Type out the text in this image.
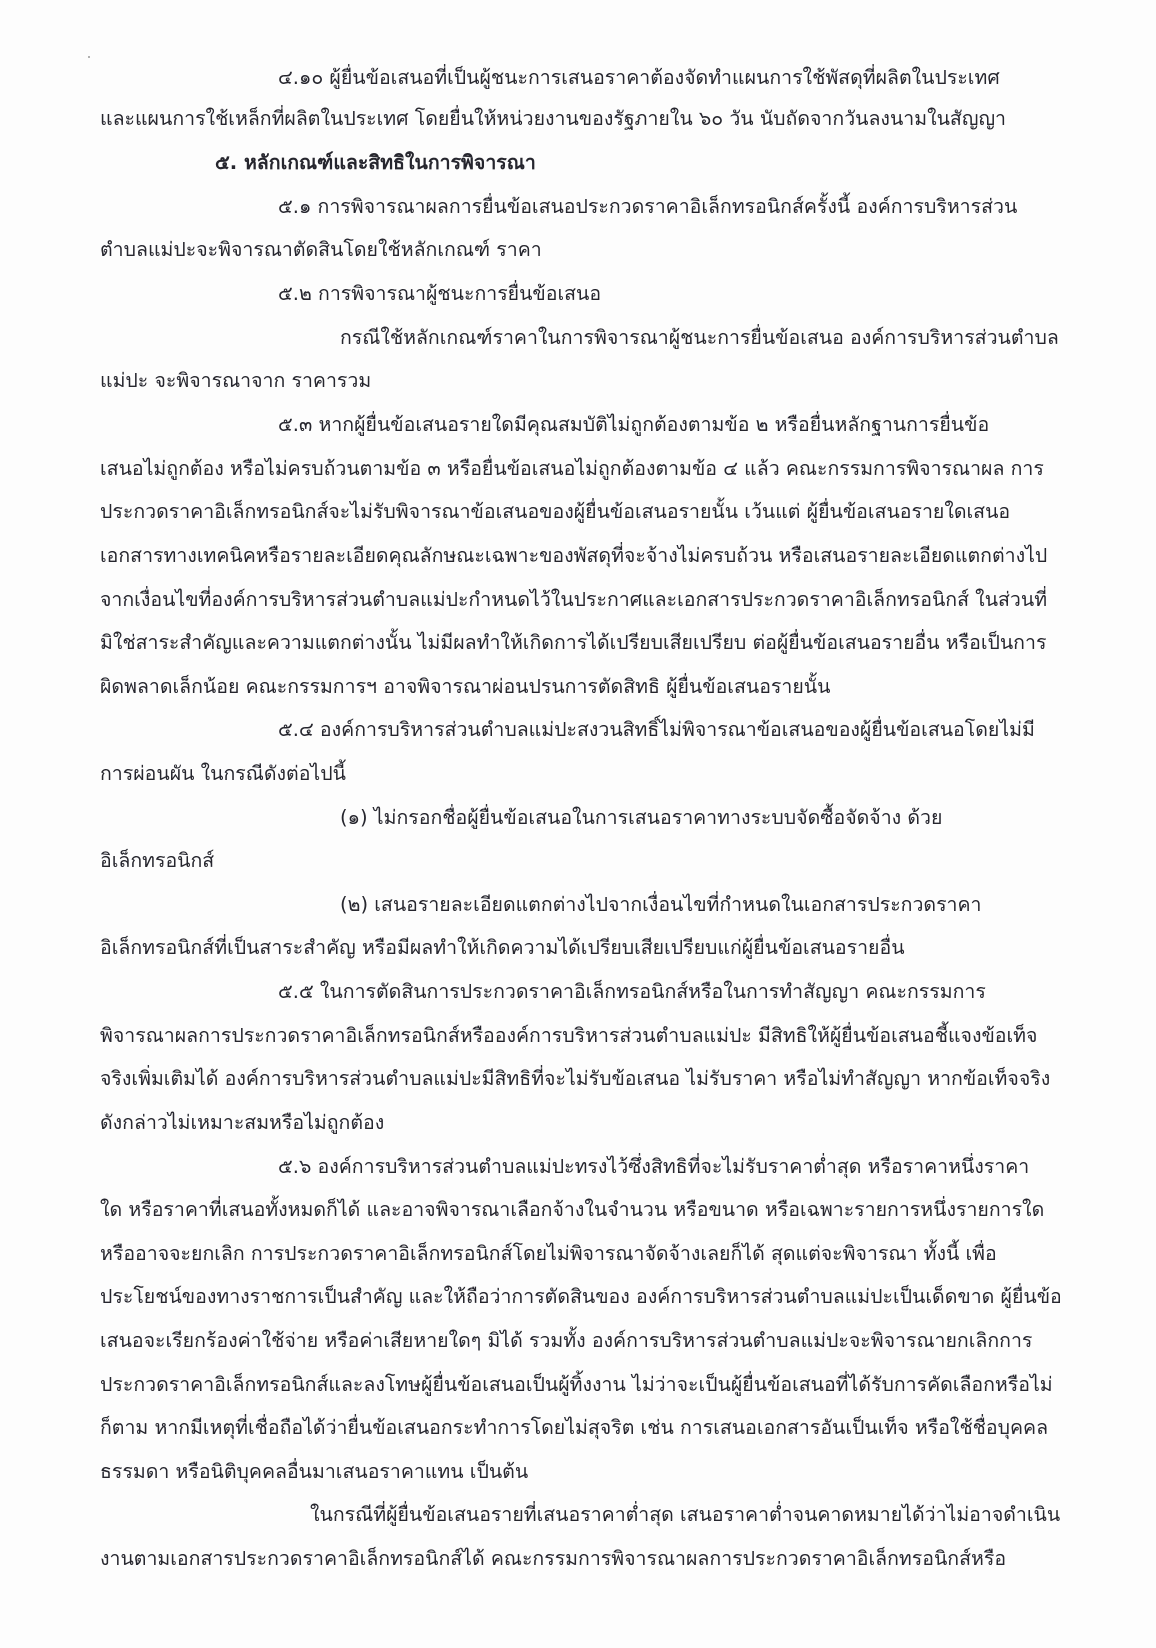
๔.๑๐ ผู้ยื่นข้อเสนอที่เป็นผู้ชนะการเสนอราคาต้องจัดทำแผนการใช้พัสดุที่ผลิตในประเทศ
และแผนการใช้เหล็กที่ผลิตในประเทศ โดยยื่นให้หน่วยงานของรัฐภายใน ๖๐ วัน นับถัดจากวันลงนามในสัญญา
๕. หลักเกณฑ์และสิทธิในการพิจารณา
๕.๑ การพิจารณาผลการยื่นข้อเสนอประกวดราคาอิเล็กทรอนิกส์ครั้งนี้ องค์การบริหารส่วน
ตำบลแม่ปะจะพิจารณาตัดสินโดยใช้หลักเกณฑ์ ราคา
๕.๒ การพิจารณาผู้ชนะการยื่นข้อเสนอ
กรณีใช้หลักเกณฑ์ราคาในการพิจารณาผู้ชนะการยื่นข้อเสนอ องค์การบริหารส่วนตำบล
แม่ปะ จะพิจารณาจาก ราคารวม
๕.๓ หากผู้ยื่นข้อเสนอรายใดมีคุณสมบัติไม่ถูกต้องตามข้อ ๒ หรือยื่นหลักฐานการยื่นข้อ
เสนอไม่ถูกต้อง หรือไม่ครบถ้วนตามข้อ ๓ หรือยื่นข้อเสนอไม่ถูกต้องตามข้อ ๔ แล้ว คณะกรรมการพิจารณาผล การ
ประกวดราคาอิเล็กทรอนิกส์จะไม่รับพิจารณาข้อเสนอของผู้ยื่นข้อเสนอรายนั้น เว้นแต่ ผู้ยื่นข้อเสนอรายใดเสนอ
เอกสารทางเทคนิคหรือรายละเอียดคุณลักษณะเฉพาะของพัสดุที่จะจ้างไม่ครบถ้วน หรือเสนอรายละเอียดแตกต่างไป
จากเงื่อนไขที่องค์การบริหารส่วนตำบลแม่ปะกำหนดไว้ในประกาศและเอกสารประกวดราคาอิเล็กทรอนิกส์ ในส่วนที่
มิใช่สาระสำคัญและความแตกต่างนั้น ไม่มีผลทำให้เกิดการได้เปรียบเสียเปรียบ ต่อผู้ยื่นข้อเสนอรายอื่น หรือเป็นการ
ผิดพลาดเล็กน้อย คณะกรรมการฯ อาจพิจารณาผ่อนปรนการตัดสิทธิ ผู้ยื่นข้อเสนอรายนั้น
๕.๔ องค์การบริหารส่วนตำบลแม่ปะสงวนสิทธิ์ไม่พิจารณาข้อเสนอของผู้ยื่นข้อเสนอโดยไม่มี
การผ่อนผัน ในกรณีดังต่อไปนี้
(๑) ไม่กรอกชื่อผู้ยื่นข้อเสนอในการเสนอราคาทางระบบจัดซื้อจัดจ้าง ด้วย
อิเล็กทรอนิกส์
(๒) เสนอรายละเอียดแตกต่างไปจากเงื่อนไขที่กำหนดในเอกสารประกวดราคา
อิเล็กทรอนิกส์ที่เป็นสาระสำคัญ หรือมีผลทำให้เกิดความได้เปรียบเสียเปรียบแก่ผู้ยื่นข้อเสนอรายอื่น
๕.๕ ในการตัดสินการประกวดราคาอิเล็กทรอนิกส์หรือในการทำสัญญา คณะกรรมการ
พิจารณาผลการประกวดราคาอิเล็กทรอนิกส์หรือองค์การบริหารส่วนตำบลแม่ปะ มีสิทธิให้ผู้ยื่นข้อเสนอชี้แจงข้อเท็จ
จริงเพิ่มเติมได้ องค์การบริหารส่วนตำบลแม่ปะมีสิทธิที่จะไม่รับข้อเสนอ ไม่รับราคา หรือไม่ทำสัญญา หากข้อเท็จจริง
ดังกล่าวไม่เหมาะสมหรือไม่ถูกต้อง
๕.๖ องค์การบริหารส่วนตำบลแม่ปะทรงไว้ซึ่งสิทธิที่จะไม่รับราคาต่ำสุด หรือราคาหนึ่งราคา
ใด หรือราคาที่เสนอทั้งหมดก็ได้ และอาจพิจารณาเลือกจ้างในจำนวน หรือขนาด หรือเฉพาะรายการหนึ่งรายการใด
หรืออาจจะยกเลิก การประกวดราคาอิเล็กทรอนิกส์โดยไม่พิจารณาจัดจ้างเลยก็ได้ สุดแต่จะพิจารณา ทั้งนี้ เพื่อ
ประโยชน์ของทางราชการเป็นสำคัญ และให้ถือว่าการตัดสินของ องค์การบริหารส่วนตำบลแม่ปะเป็นเด็ดขาด ผู้ยื่นข้อ
เสนอจะเรียกร้องค่าใช้จ่าย หรือค่าเสียหายใดๆ มิได้ รวมทั้ง องค์การบริหารส่วนตำบลแม่ปะจะพิจารณายกเลิกการ
ประกวดราคาอิเล็กทรอนิกส์และลงโทษผู้ยื่นข้อเสนอเป็นผู้ทิ้งงาน ไม่ว่าจะเป็นผู้ยื่นข้อเสนอที่ได้รับการคัดเลือกหรือไม่
ก็ตาม หากมีเหตุที่เชื่อถือได้ว่ายื่นข้อเสนอกระทำการโดยไม่สุจริต เช่น การเสนอเอกสารอันเป็นเท็จ หรือใช้ชื่อบุคคล
ธรรมดา หรือนิติบุคคลอื่นมาเสนอราคาแทน เป็นต้น
ในกรณีที่ผู้ยื่นข้อเสนอรายที่เสนอราคาต่ำสุด เสนอราคาต่ำจนคาดหมายได้ว่าไม่อาจดำเนิน
งานตามเอกสารประกวดราคาอิเล็กทรอนิกส์ได้ คณะกรรมการพิจารณาผลการประกวดราคาอิเล็กทรอนิกส์หรือ
